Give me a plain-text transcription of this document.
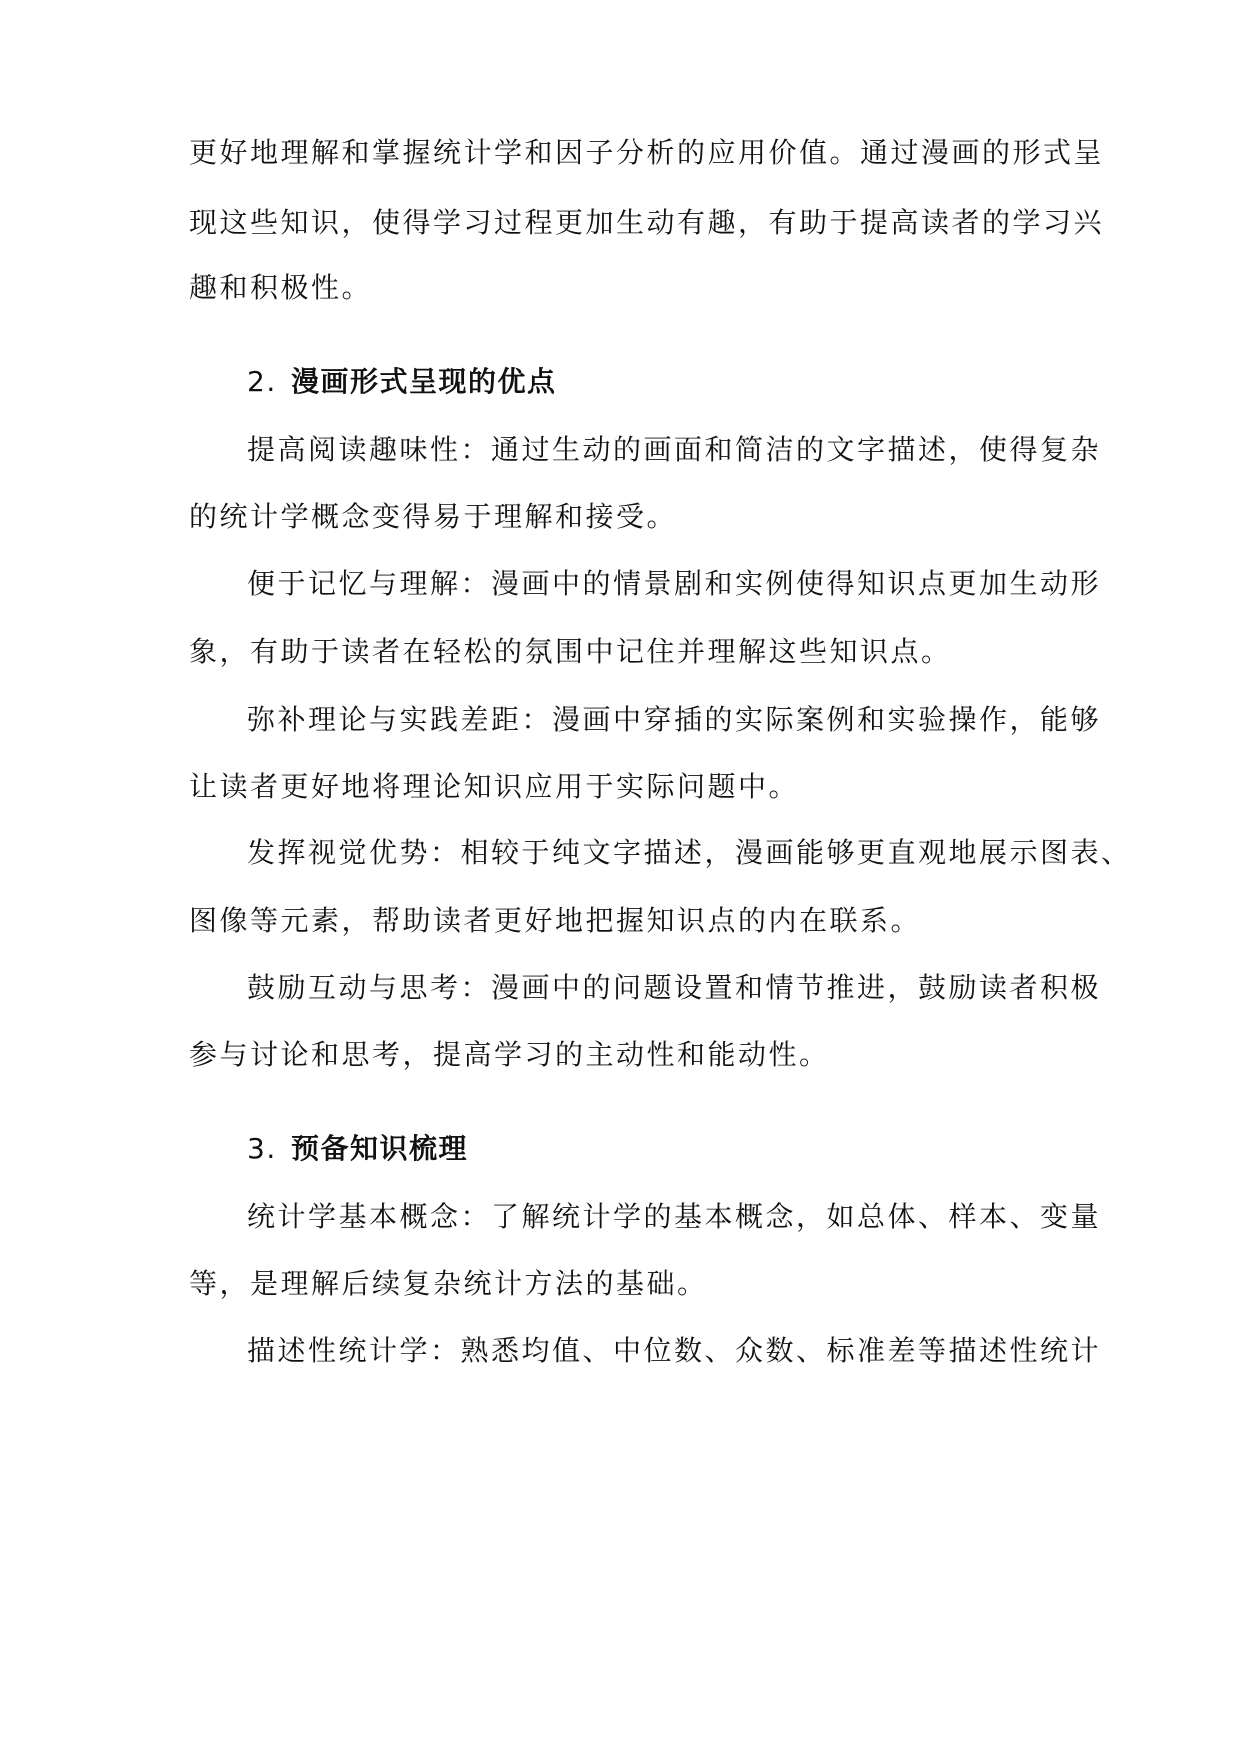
更好地理解和掌握统计学和因子分析的应用价值。通过漫画的形式呈
现这些知识，使得学习过程更加生动有趣，有助于提高读者的学习兴
趣和积极性。
2. 漫画形式呈现的优点
提高阅读趣味性：通过生动的画面和简洁的文字描述，使得复杂
的统计学概念变得易于理解和接受。
便于记忆与理解：漫画中的情景剧和实例使得知识点更加生动形
象，有助于读者在轻松的氛围中记住并理解这些知识点。
弥补理论与实践差距：漫画中穿插的实际案例和实验操作，能够
让读者更好地将理论知识应用于实际问题中。
发挥视觉优势：相较于纯文字描述，漫画能够更直观地展示图表、
图像等元素，帮助读者更好地把握知识点的内在联系。
鼓励互动与思考：漫画中的问题设置和情节推进，鼓励读者积极
参与讨论和思考，提高学习的主动性和能动性。
3. 预备知识梳理
统计学基本概念：了解统计学的基本概念，如总体、样本、变量
等，是理解后续复杂统计方法的基础。
描述性统计学：熟悉均值、中位数、众数、标准差等描述性统计
